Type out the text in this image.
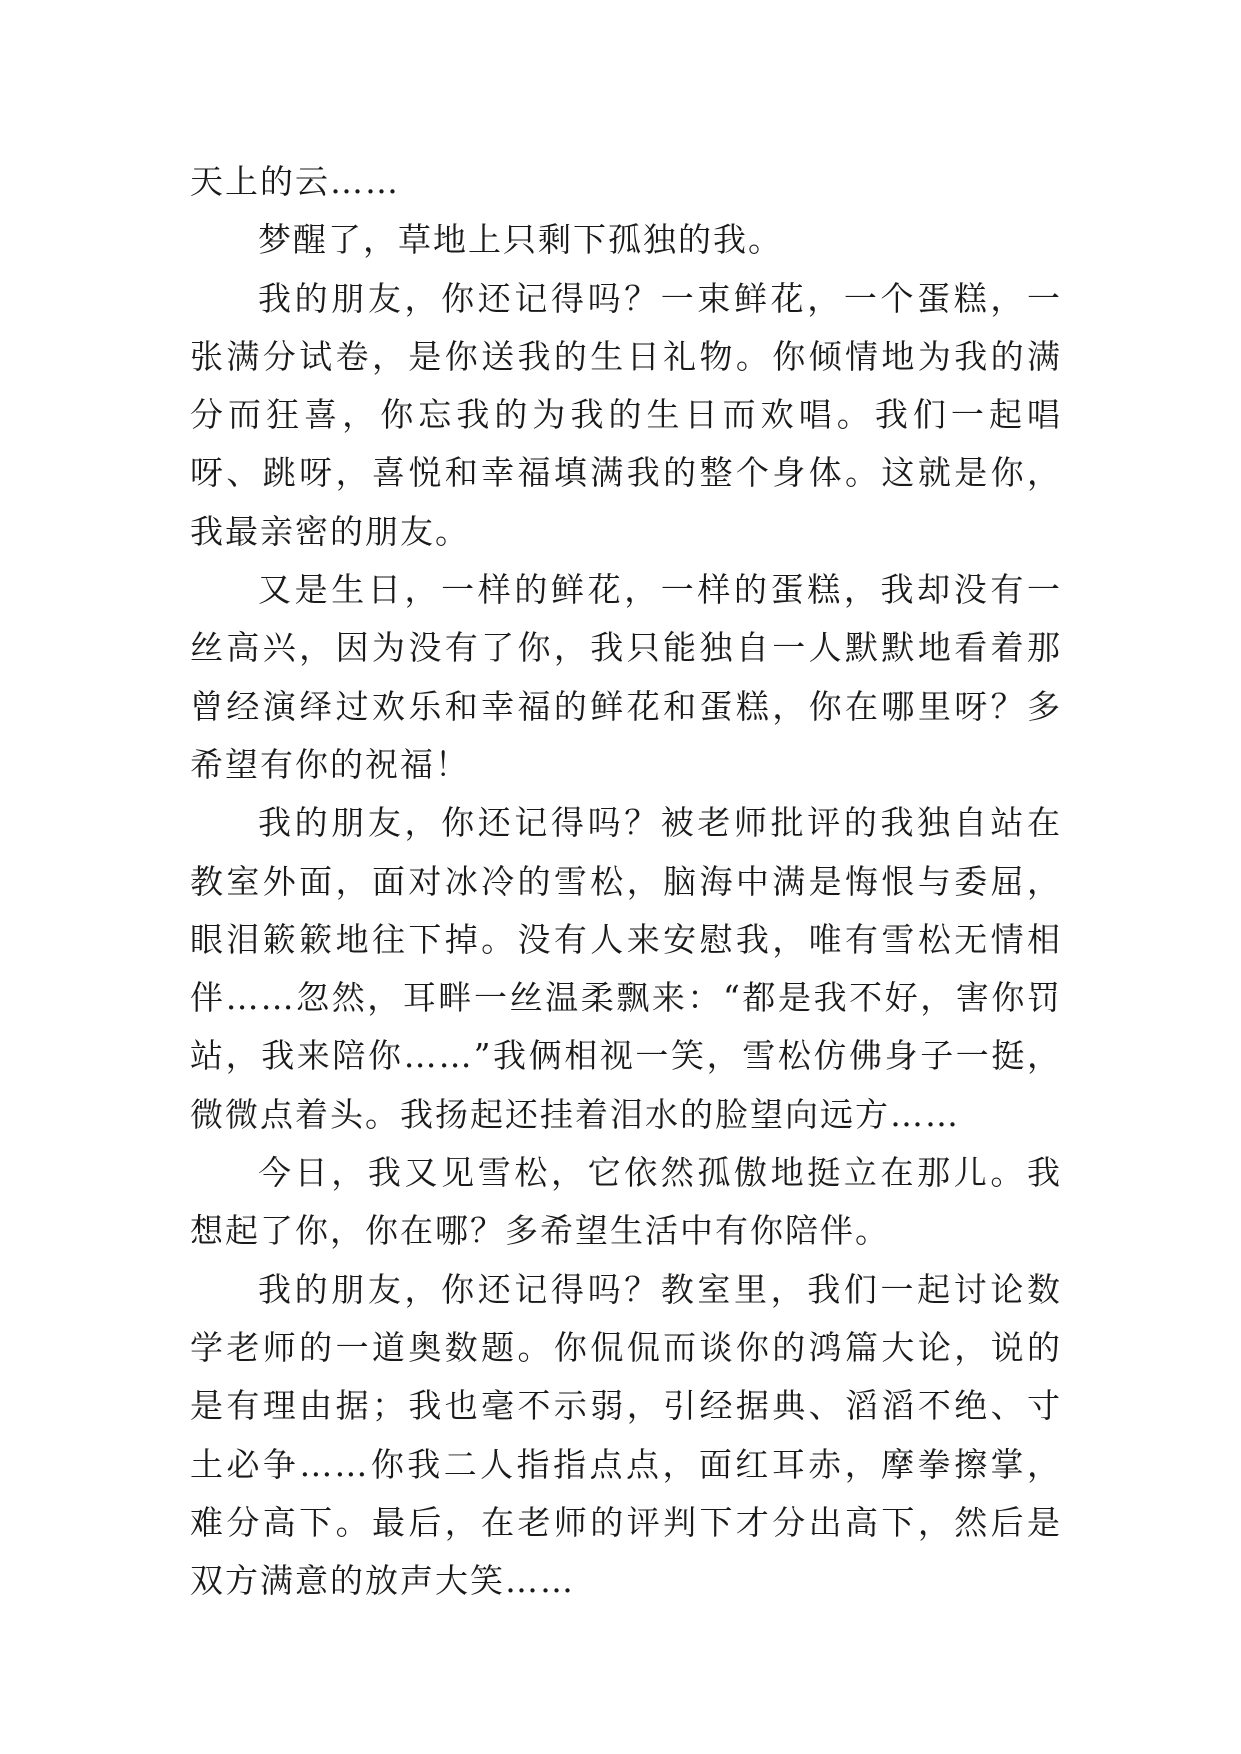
天上的云……

梦醒了，草地上只剩下孤独的我。

我的朋友，你还记得吗？一束鲜花，一个蛋糕，一张满分试卷，是你送我的生日礼物。你倾情地为我的满分而狂喜，你忘我的为我的生日而欢唱。我们一起唱呀、跳呀，喜悦和幸福填满我的整个身体。这就是你，我最亲密的朋友。

又是生日，一样的鲜花，一样的蛋糕，我却没有一丝高兴，因为没有了你，我只能独自一人默默地看着那曾经演绎过欢乐和幸福的鲜花和蛋糕，你在哪里呀？多希望有你的祝福！

我的朋友，你还记得吗？被老师批评的我独自站在教室外面，面对冰冷的雪松，脑海中满是悔恨与委屈，眼泪簌簌地往下掉。没有人来安慰我，唯有雪松无情相伴……忽然，耳畔一丝温柔飘来：“都是我不好，害你罚站，我来陪你……”我俩相视一笑，雪松仿佛身子一挺，微微点着头。我扬起还挂着泪水的脸望向远方……

今日，我又见雪松，它依然孤傲地挺立在那儿。我想起了你，你在哪？多希望生活中有你陪伴。

我的朋友，你还记得吗？教室里，我们一起讨论数学老师的一道奥数题。你侃侃而谈你的鸿篇大论，说的是有理由据；我也毫不示弱，引经据典、滔滔不绝、寸土必争……你我二人指指点点，面红耳赤，摩拳擦掌，难分高下。最后，在老师的评判下才分出高下，然后是双方满意的放声大笑……
